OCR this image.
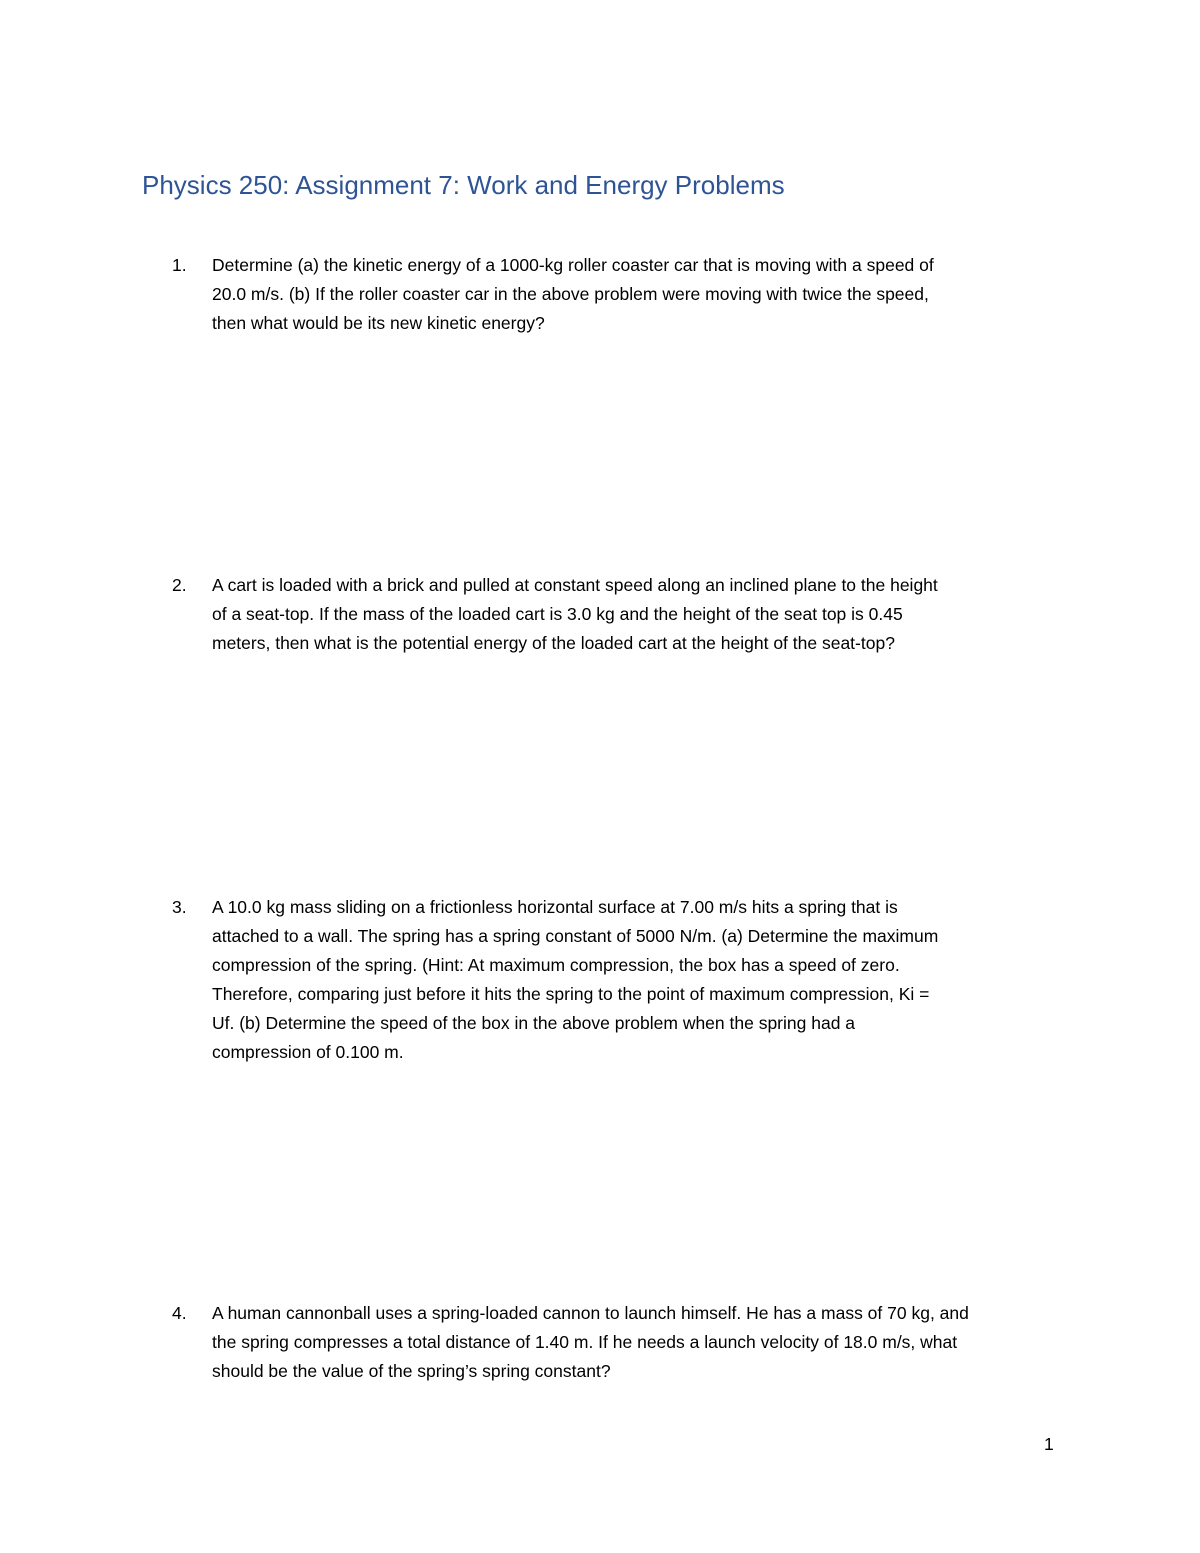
Physics 250: Assignment 7: Work and Energy Problems
1.	Determine (a) the kinetic energy of a 1000-kg roller coaster car that is moving with a speed of
20.0 m/s. (b) If the roller coaster car in the above problem were moving with twice the speed,
then what would be its new kinetic energy?
2.	A cart is loaded with a brick and pulled at constant speed along an inclined plane to the height
of a seat-top. If the mass of the loaded cart is 3.0 kg and the height of the seat top is 0.45
meters, then what is the potential energy of the loaded cart at the height of the seat-top?
3.	A 10.0 kg mass sliding on a frictionless horizontal surface at 7.00 m/s hits a spring that is
attached to a wall. The spring has a spring constant of 5000 N/m. (a) Determine the maximum
compression of the spring. (Hint: At maximum compression, the box has a speed of zero.
Therefore, comparing just before it hits the spring to the point of maximum compression, Ki =
Uf. (b) Determine the speed of the box in the above problem when the spring had a
compression of 0.100 m.
4.	A human cannonball uses a spring-loaded cannon to launch himself. He has a mass of 70 kg, and
the spring compresses a total distance of 1.40 m. If he needs a launch velocity of 18.0 m/s, what
should be the value of the spring’s spring constant?
1
